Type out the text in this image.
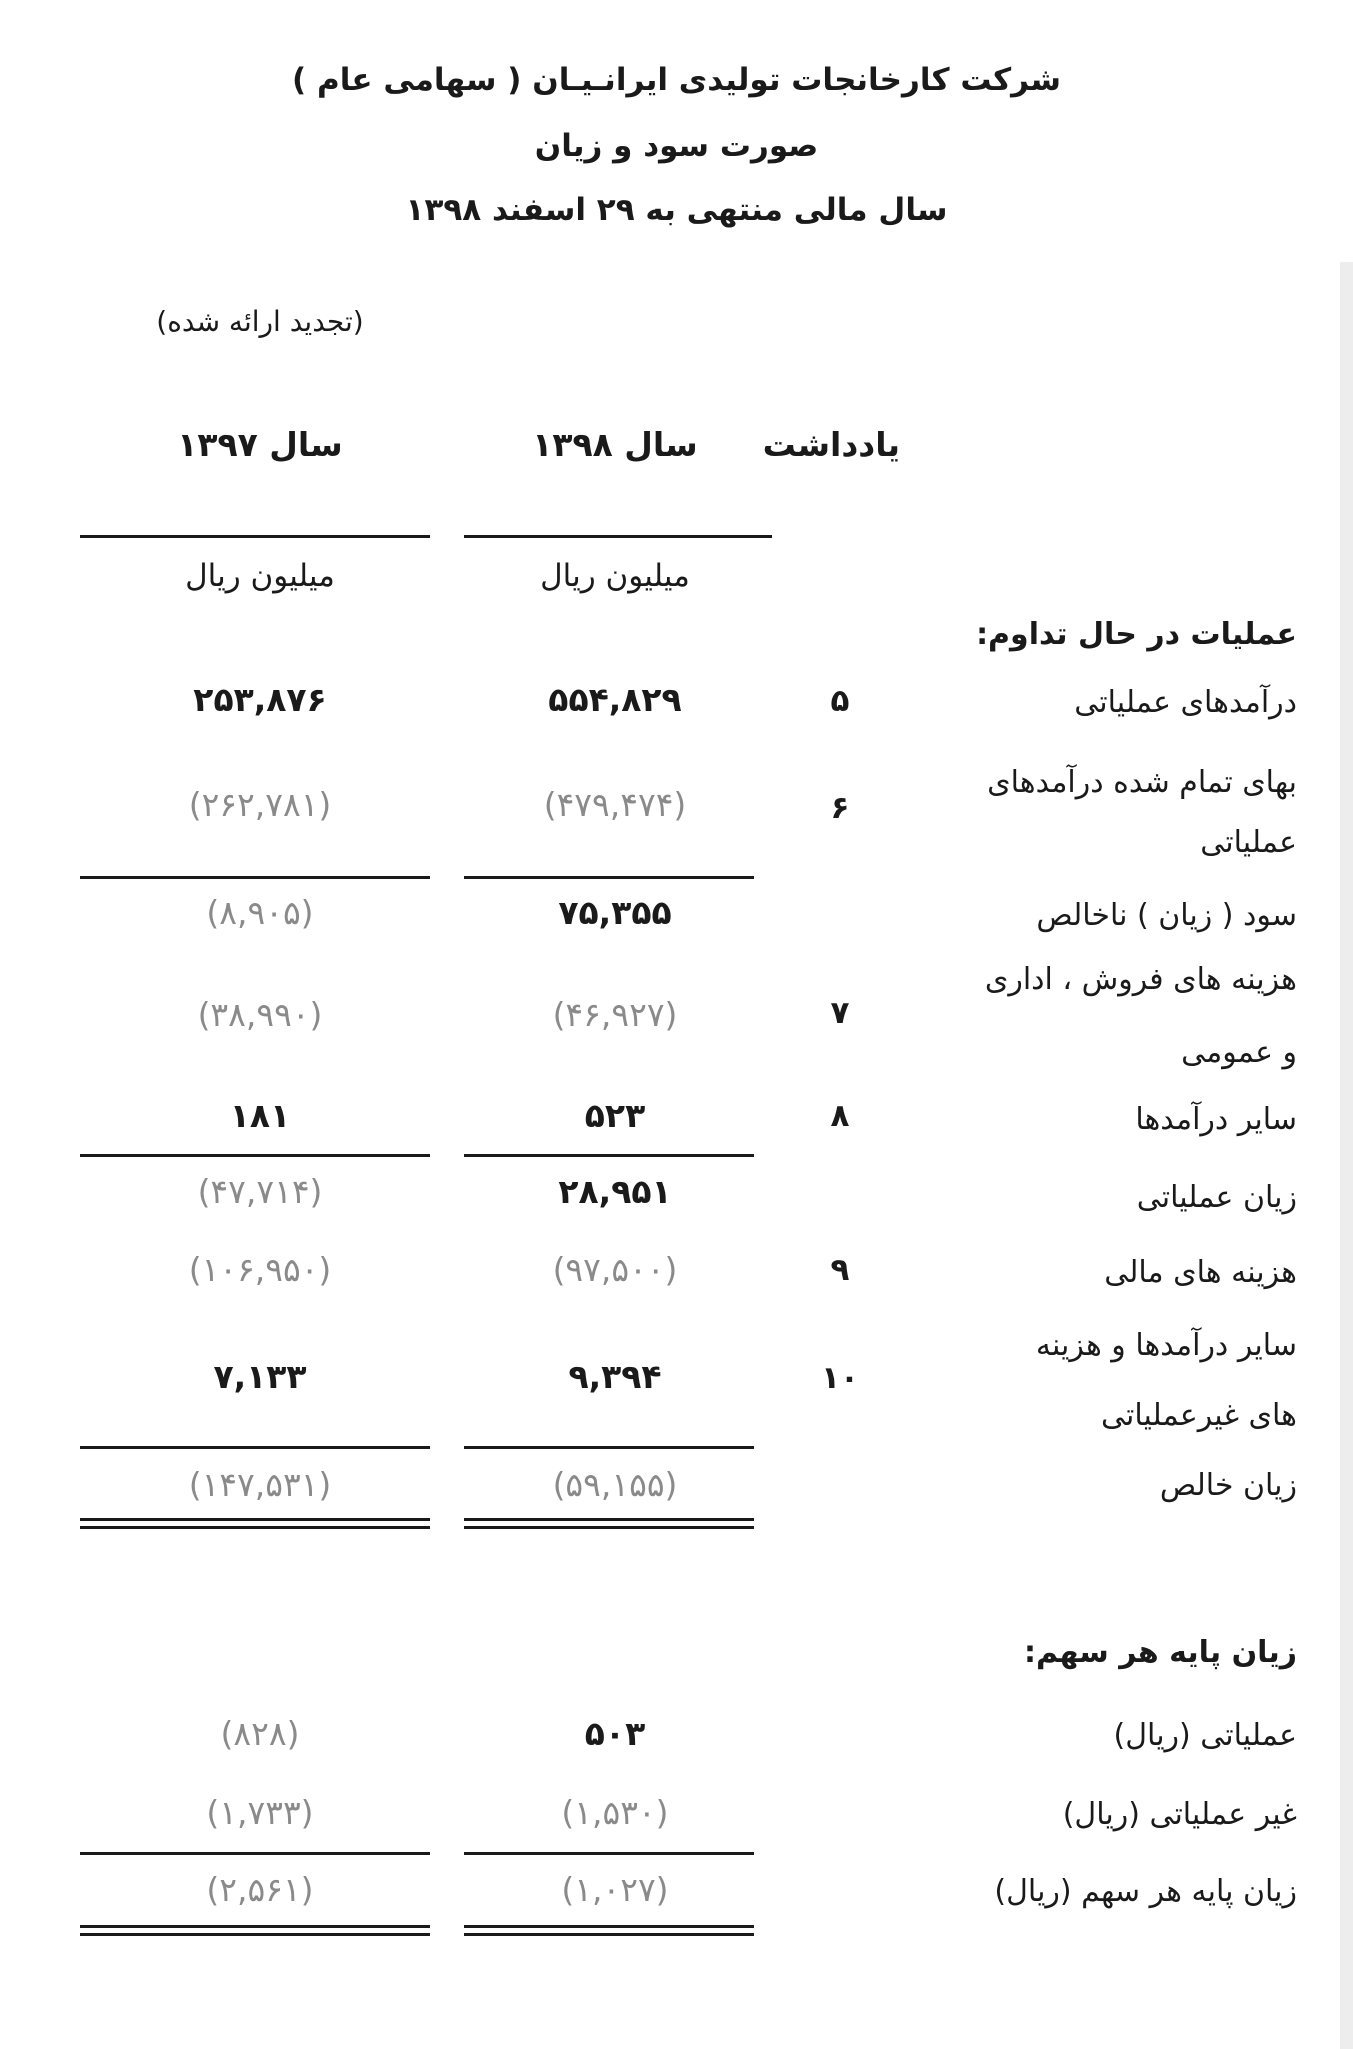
شرکت کارخانجات تولیدی ایرانـیـان ( سهامی عام )
صورت سود و زیان
سال مالی منتهی به ۲۹ اسفند ۱۳۹۸
(تجدید ارائه شده)
یادداشت
سال ۱۳۹۸
سال ۱۳۹۷
میلیون ریال
میلیون ریال
عملیات در حال تداوم:
درآمدهای عملیاتی
۵
۵۵۴,۸۲۹
۲۵۳,۸۷۶
بهای تمام شده درآمدهای
عملیاتی
۶
(۴۷۹,۴۷۴)
(۲۶۲,۷۸۱)
سود ( زیان ) ناخالص
۷۵,۳۵۵
(۸,۹۰۵)
هزینه های فروش ، اداری
و عمومی
۷
(۴۶,۹۲۷)
(۳۸,۹۹۰)
سایر درآمدها
۸
۵۲۳
۱۸۱
زیان عملیاتی
۲۸,۹۵۱
(۴۷,۷۱۴)
هزینه های مالی
۹
(۹۷,۵۰۰)
(۱۰۶,۹۵۰)
سایر درآمدها و هزینه
های غیرعملیاتی
۱۰
۹,۳۹۴
۷,۱۳۳
زیان خالص
(۵۹,۱۵۵)
(۱۴۷,۵۳۱)
زیان پایه هر سهم:
عملیاتی (ریال)
۵۰۳
(۸۲۸)
غیر عملیاتی (ریال)
(۱,۵۳۰)
(۱,۷۳۳)
زیان پایه هر سهم (ریال)
(۱,۰۲۷)
(۲,۵۶۱)
